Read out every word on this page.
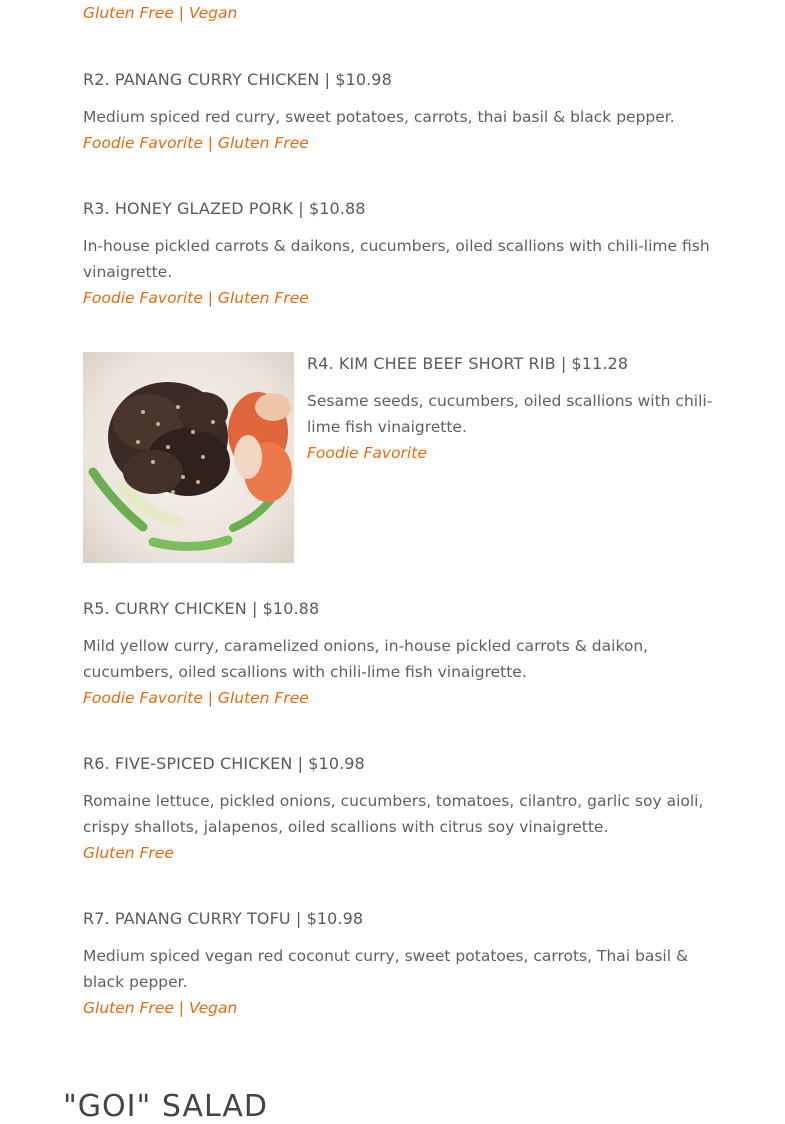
Gluten Free | Vegan
R2. PANANG CURRY CHICKEN | $10.98
Medium spiced red curry, sweet potatoes, carrots, thai basil & black pepper.
Foodie Favorite | Gluten Free
R3. HONEY GLAZED PORK | $10.88
In-house pickled carrots & daikons, cucumbers, oiled scallions with chili-lime fish vinaigrette.
Foodie Favorite | Gluten Free
R4. KIM CHEE BEEF SHORT RIB | $11.28
Sesame seeds, cucumbers, oiled scallions with chili-lime fish vinaigrette.
Foodie Favorite
R5. CURRY CHICKEN | $10.88
Mild yellow curry, caramelized onions, in-house pickled carrots & daikon, cucumbers, oiled scallions with chili-lime fish vinaigrette.
Foodie Favorite | Gluten Free
R6. FIVE-SPICED CHICKEN | $10.98
Romaine lettuce, pickled onions, cucumbers, tomatoes, cilantro, garlic soy aioli, crispy shallots, jalapenos, oiled scallions with citrus soy vinaigrette.
Gluten Free
R7. PANANG CURRY TOFU | $10.98
Medium spiced vegan red coconut curry, sweet potatoes, carrots, Thai basil & black pepper.
Gluten Free | Vegan
"GOI" SALAD
